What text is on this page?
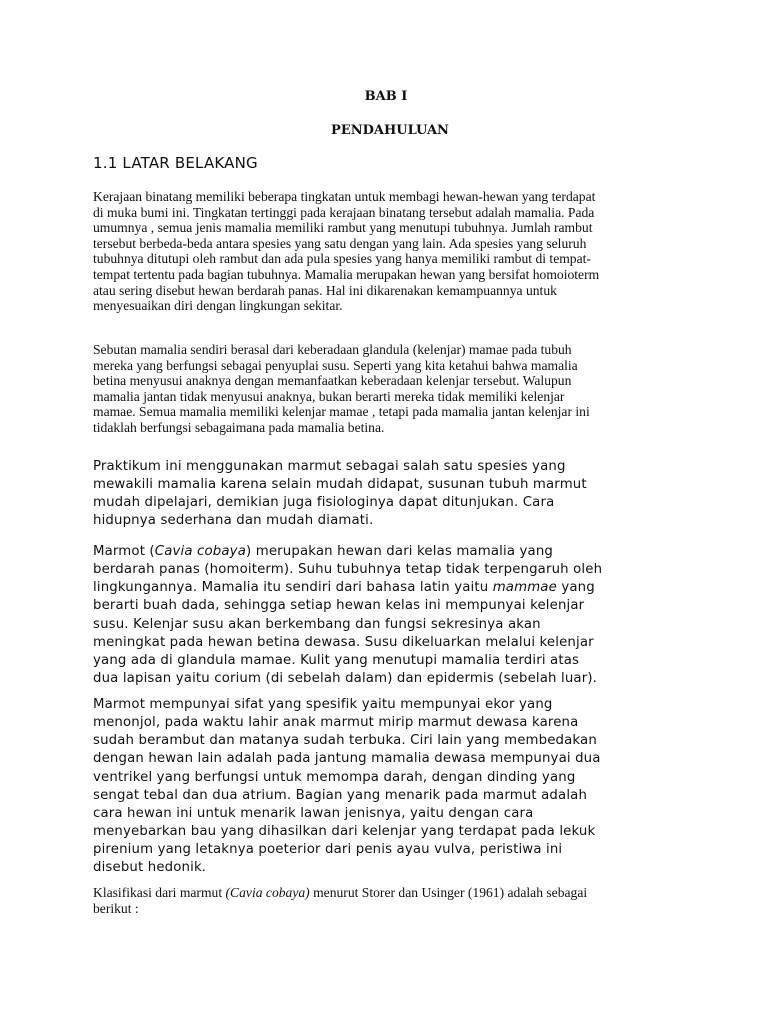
BAB I
PENDAHULUAN
1.1 LATAR BELAKANG
Kerajaan binatang memiliki beberapa tingkatan untuk membagi hewan-hewan yang terdapat
di muka bumi ini. Tingkatan tertinggi pada kerajaan binatang tersebut adalah mamalia. Pada
umumnya , semua jenis mamalia memiliki rambut yang menutupi tubuhnya. Jumlah rambut
tersebut berbeda-beda antara spesies yang satu dengan yang lain. Ada spesies yang seluruh
tubuhnya ditutupi oleh rambut dan ada pula spesies yang hanya memiliki rambut di tempat-
tempat tertentu pada bagian tubuhnya. Mamalia merupakan hewan yang bersifat homoioterm
atau sering disebut hewan berdarah panas. Hal ini dikarenakan kemampuannya untuk
menyesuaikan diri dengan lingkungan sekitar.
Sebutan mamalia sendiri berasal dari keberadaan glandula (kelenjar) mamae pada tubuh
mereka yang berfungsi sebagai penyuplai susu. Seperti yang kita ketahui bahwa mamalia
betina menyusui anaknya dengan memanfaatkan keberadaan kelenjar tersebut. Walupun
mamalia jantan tidak menyusui anaknya, bukan berarti mereka tidak memiliki kelenjar
mamae. Semua mamalia memiliki kelenjar mamae , tetapi pada mamalia jantan kelenjar ini
tidaklah berfungsi sebagaimana pada mamalia betina.
Praktikum ini menggunakan marmut sebagai salah satu spesies yang
mewakili mamalia karena selain mudah didapat, susunan tubuh marmut
mudah dipelajari, demikian juga fisiologinya dapat ditunjukan. Cara
hidupnya sederhana dan mudah diamati.
Marmot (Cavia cobaya) merupakan hewan dari kelas mamalia yang
berdarah panas (homoiterm). Suhu tubuhnya tetap tidak terpengaruh oleh
lingkungannya. Mamalia itu sendiri dari bahasa latin yaitu mammae yang
berarti buah dada, sehingga setiap hewan kelas ini mempunyai kelenjar
susu. Kelenjar susu akan berkembang dan fungsi sekresinya akan
meningkat pada hewan betina dewasa. Susu dikeluarkan melalui kelenjar
yang ada di glandula mamae. Kulit yang menutupi mamalia terdiri atas
dua lapisan yaitu corium (di sebelah dalam) dan epidermis (sebelah luar).
Marmot mempunyai sifat yang spesifik yaitu mempunyai ekor yang
menonjol, pada waktu lahir anak marmut mirip marmut dewasa karena
sudah berambut dan matanya sudah terbuka. Ciri lain yang membedakan
dengan hewan lain adalah pada jantung mamalia dewasa mempunyai dua
ventrikel yang berfungsi untuk memompa darah, dengan dinding yang
sengat tebal dan dua atrium. Bagian yang menarik pada marmut adalah
cara hewan ini untuk menarik lawan jenisnya, yaitu dengan cara
menyebarkan bau yang dihasilkan dari kelenjar yang terdapat pada lekuk
pirenium yang letaknya poeterior dari penis ayau vulva, peristiwa ini
disebut hedonik.
Klasifikasi dari marmut (Cavia cobaya) menurut Storer dan Usinger (1961) adalah sebagai
berikut :
